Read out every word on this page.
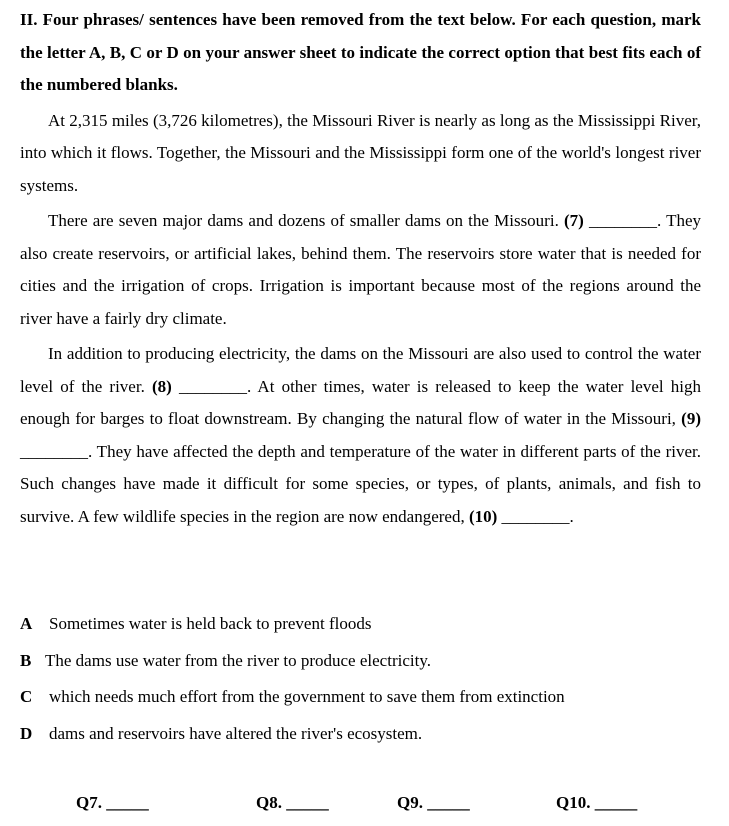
II. Four phrases/ sentences have been removed from the text below. For each question, mark the letter A, B, C or D on your answer sheet to indicate the correct option that best fits each of the numbered blanks.
At 2,315 miles (3,726 kilometres), the Missouri River is nearly as long as the Mississippi River, into which it flows. Together, the Missouri and the Mississippi form one of the world's longest river systems.
There are seven major dams and dozens of smaller dams on the Missouri. (7) ________. They also create reservoirs, or artificial lakes, behind them. The reservoirs store water that is needed for cities and the irrigation of crops. Irrigation is important because most of the regions around the river have a fairly dry climate.
In addition to producing electricity, the dams on the Missouri are also used to control the water level of the river. (8) ________. At other times, water is released to keep the water level high enough for barges to float downstream. By changing the natural flow of water in the Missouri, (9) ________. They have affected the depth and temperature of the water in different parts of the river. Such changes have made it difficult for some species, or types, of plants, animals, and fish to survive. A few wildlife species in the region are now endangered, (10) ________.
A Sometimes water is held back to prevent floods
B The dams use water from the river to produce electricity.
C which needs much effort from the government to save them from extinction
D dams and reservoirs have altered the river's ecosystem.
Q7. _____	Q8. _____	Q9. _____	Q10. _____
